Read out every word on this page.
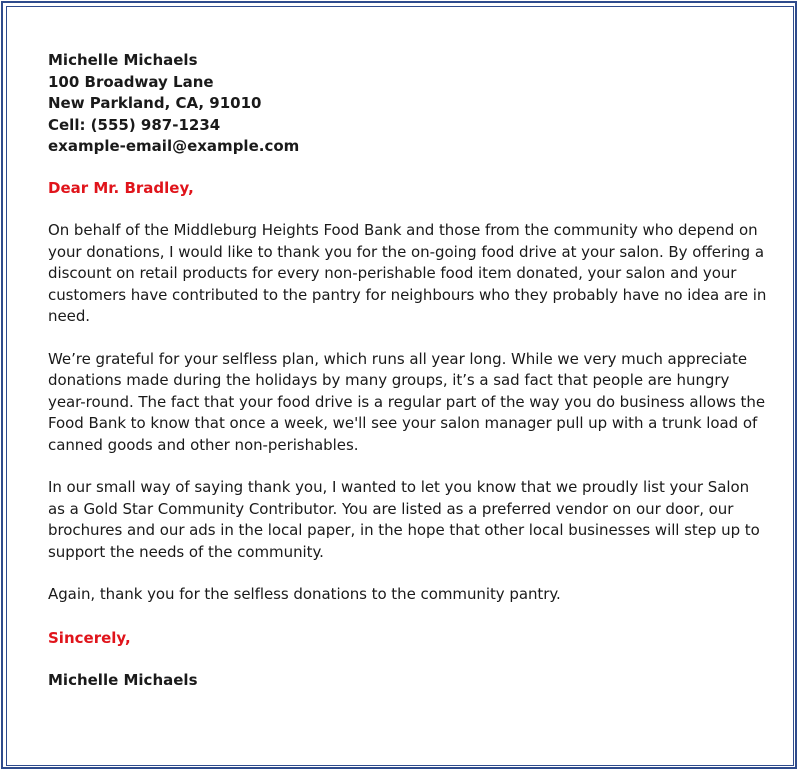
Michelle Michaels
100 Broadway Lane
New Parkland, CA, 91010
Cell: (555) 987-1234
example-email@example.com
Dear Mr. Bradley,
On behalf of the Middleburg Heights Food Bank and those from the community who depend on your donations, I would like to thank you for the on-going food drive at your salon. By offering a discount on retail products for every non-perishable food item donated, your salon and your customers have contributed to the pantry for neighbours who they probably have no idea are in need.
We’re grateful for your selfless plan, which runs all year long. While we very much appreciate donations made during the holidays by many groups, it’s a sad fact that people are hungry year-round. The fact that your food drive is a regular part of the way you do business allows the Food Bank to know that once a week, we'll see your salon manager pull up with a trunk load of canned goods and other non-perishables.
In our small way of saying thank you, I wanted to let you know that we proudly list your Salon as a Gold Star Community Contributor. You are listed as a preferred vendor on our door, our brochures and our ads in the local paper, in the hope that other local businesses will step up to support the needs of the community.
Again, thank you for the selfless donations to the community pantry.
Sincerely,
Michelle Michaels
